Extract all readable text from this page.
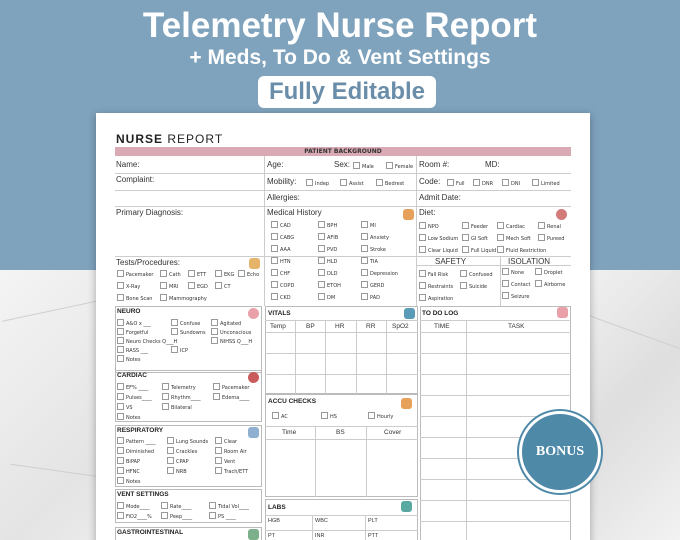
Telemetry Nurse Report
+ Meds, To Do & Vent Settings
Fully Editable
NURSE REPORT
PATIENT BACKGROUND
Name:	Age:	Sex:	Male	Female Room #:	MD:
Complaint:	Mobility:	Indep	Assist	Bedrest Code:	Full	DNR	DNI	Limited
Allergies:	Admit Date:
Primary Diagnosis:	Medical History	Diet:
CAD
CABG
AAA
HTN
CHF
COPD
CKD
BPH
AFIB
PVD
HLD
DLD
ETOH
DM
MI
Anxiety
Stroke
TIA
Depression
GERD
PAD
NPO
Low Sodium
Clear Liquid
Feeder
GI Soft
Full Liquid
Cardiac
Mech Soft
Fluid Restriction
Renal
Pureed
Tests/Procedures:
Pacemaker
X-Ray
Bone Scan
Cath
MRI
Mammography
ETT
EGD
EKG
CT
Echo
SAFETY	ISOLATION
Fall Risk
Restraints
Aspiration
Confused
Suicide
None
Contact
Seizure
Droplet
Airborne
NEURO
A&O x ___
Forgetful
Neuro Checks Q___H
RASS ___
Notes
Confuse
Sundowns
ICP
Agitated
Unconscious
NIHSS Q___H
CARDIAC
EF% ____
Pulses____
VS
Notes
Telemetry
Rhythm____
Bilateral
Pacemaker
Edema____
RESPIRATORY
Pattern ____
Diminished
BiPAP
HFNC
Notes
Lung Sounds
Crackles
CPAP
NRB
Clear
Room Air
Vent
Trach/ETT
VENT SETTINGS
Mode____	Rate____	Tidal Vol____
FiO2____%	Peep____	PS ____
GASTROINTESTINAL
VITALS
Temp	BP	HR	RR	SpO2
ACCU CHECKS
AC	HS	Hourly
Time	BS	Cover
LABS
HGB	WBC	PLT
PT	INR	PTT
TO DO LOG
TIME	TASK
BONUS
